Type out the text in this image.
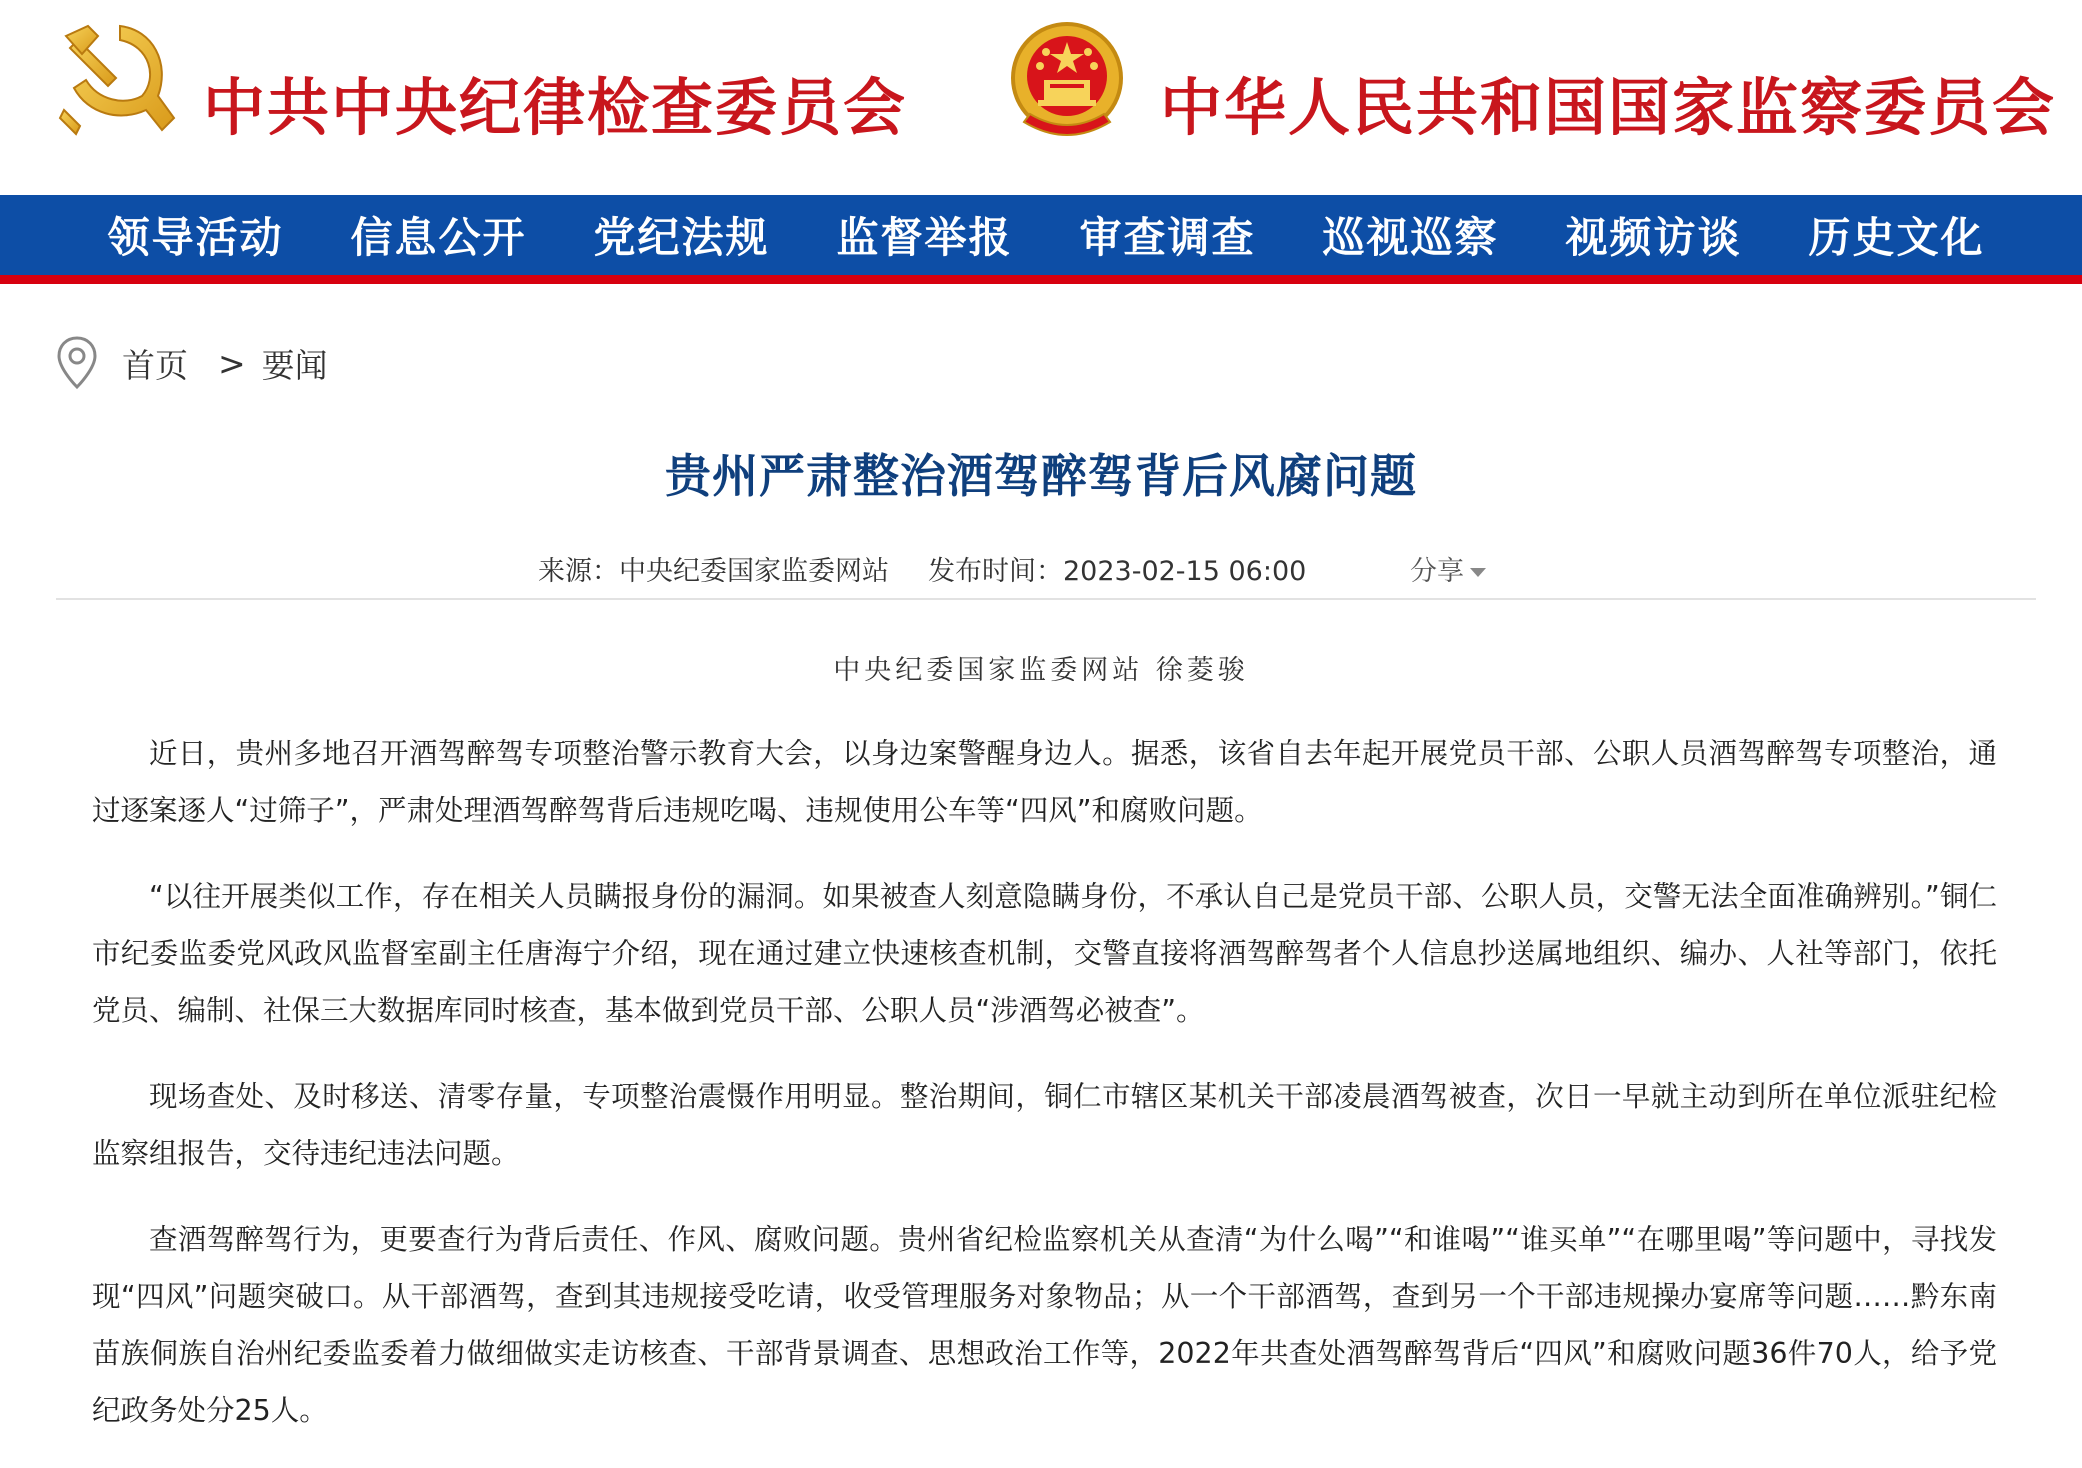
中共中央纪律检查委员会	中华人民共和国国家监察委员会
领导活动	信息公开	党纪法规	监督举报	审查调查	巡视巡察	视频访谈	历史文化
首页 > 要闻
贵州严肃整治酒驾醉驾背后风腐问题
来源：中央纪委国家监委网站 发布时间：2023-02-15 06:00	分享
中央纪委国家监委网站 徐菱骏

近日，贵州多地召开酒驾醉驾专项整治警示教育大会，以身边案警醒身边人。据悉，该省自去年起开展党员干部、公职人员酒驾醉驾专项整治，通过逐案逐人“过筛子”，严肃处理酒驾醉驾背后违规吃喝、违规使用公车等“四风”和腐败问题。

“以往开展类似工作，存在相关人员瞒报身份的漏洞。如果被查人刻意隐瞒身份，不承认自己是党员干部、公职人员，交警无法全面准确辨别。”铜仁市纪委监委党风政风监督室副主任唐海宁介绍，现在通过建立快速核查机制，交警直接将酒驾醉驾者个人信息抄送属地组织、编办、人社等部门，依托党员、编制、社保三大数据库同时核查，基本做到党员干部、公职人员“涉酒驾必被查”。

现场查处、及时移送、清零存量，专项整治震慑作用明显。整治期间，铜仁市辖区某机关干部凌晨酒驾被查，次日一早就主动到所在单位派驻纪检监察组报告，交待违纪违法问题。

查酒驾醉驾行为，更要查行为背后责任、作风、腐败问题。贵州省纪检监察机关从查清“为什么喝”“和谁喝”“谁买单”“在哪里喝”等问题中，寻找发现“四风”问题突破口。从干部酒驾，查到其违规接受吃请，收受管理服务对象物品；从一个干部酒驾，查到另一个干部违规操办宴席等问题……黔东南苗族侗族自治州纪委监委着力做细做实走访核查、干部背景调查、思想政治工作等，2022年共查处酒驾醉驾背后“四风”和腐败问题36件70人，给予党纪政务处分25人。
